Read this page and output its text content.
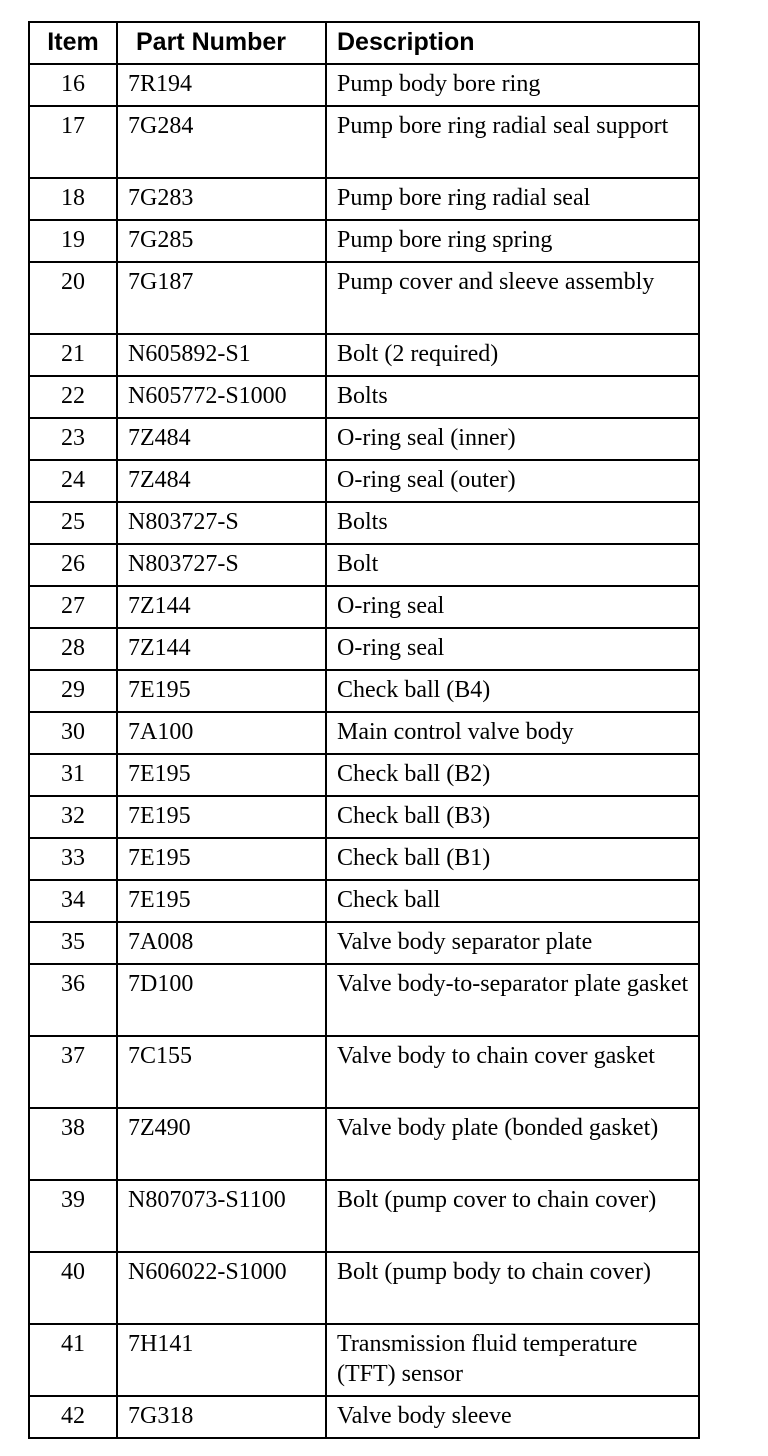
Item	Part Number	Description
16	7R194	Pump body bore ring
17	7G284	Pump bore ring radial seal support
18	7G283	Pump bore ring radial seal
19	7G285	Pump bore ring spring
20	7G187	Pump cover and sleeve assembly
21	N605892-S1	Bolt (2 required)
22	N605772-S1000	Bolts
23	7Z484	O-ring seal (inner)
24	7Z484	O-ring seal (outer)
25	N803727-S	Bolts
26	N803727-S	Bolt
27	7Z144	O-ring seal
28	7Z144	O-ring seal
29	7E195	Check ball (B4)
30	7A100	Main control valve body
31	7E195	Check ball (B2)
32	7E195	Check ball (B3)
33	7E195	Check ball (B1)
34	7E195	Check ball
35	7A008	Valve body separator plate
36	7D100	Valve body-to-separator plate gasket
37	7C155	Valve body to chain cover gasket
38	7Z490	Valve body plate (bonded gasket)
39	N807073-S1100	Bolt (pump cover to chain cover)
40	N606022-S1000	Bolt (pump body to chain cover)
41	7H141	Transmission fluid temperature (TFT) sensor
42	7G318	Valve body sleeve
